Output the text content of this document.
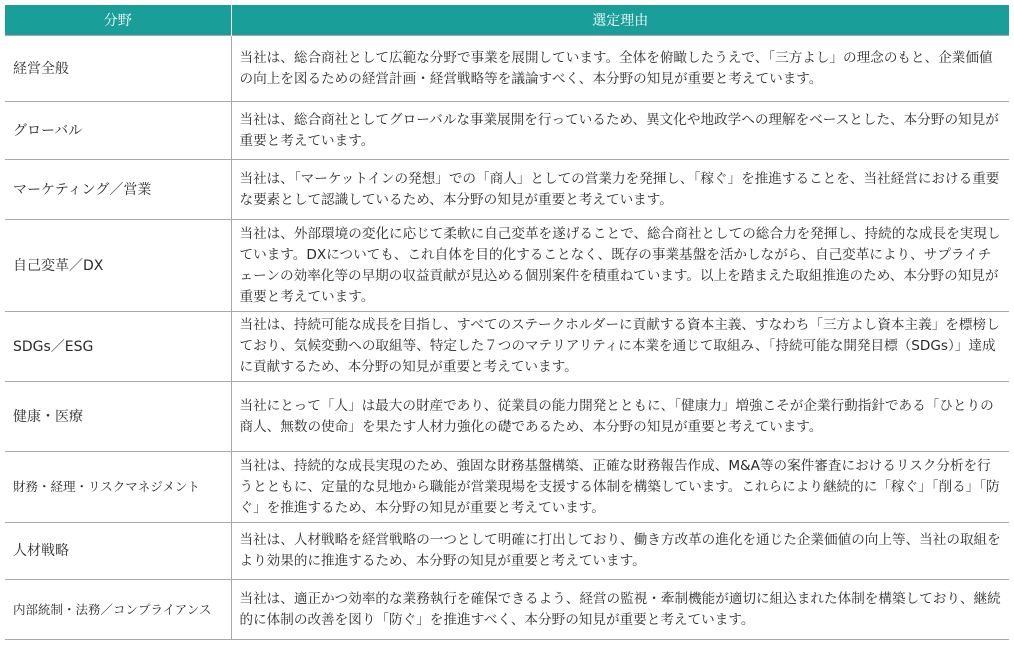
分野	選定理由
経営全般	当社は、総合商社として広範な分野で事業を展開しています。全体を俯瞰したうえで、「三方よし」の理念のもと、企業価値の向上を図るための経営計画・経営戦略等を議論すべく、本分野の知見が重要と考えています。
グローバル	当社は、総合商社としてグローバルな事業展開を行っているため、異文化や地政学への理解をベースとした、本分野の知見が重要と考えています。
マーケティング／営業	当社は、「マーケットインの発想」での「商人」としての営業力を発揮し、「稼ぐ」を推進することを、当社経営における重要な要素として認識しているため、本分野の知見が重要と考えています。
自己変革／DX	当社は、外部環境の変化に応じて柔軟に自己変革を遂げることで、総合商社としての総合力を発揮し、持続的な成長を実現しています。DXについても、これ自体を目的化することなく、既存の事業基盤を活かしながら、自己変革により、サプライチェーンの効率化等の早期の収益貢献が見込める個別案件を積重ねています。以上を踏まえた取組推進のため、本分野の知見が重要と考えています。
SDGs／ESG	当社は、持続可能な成長を目指し、すべてのステークホルダーに貢献する資本主義、すなわち「三方よし資本主義」を標榜しており、気候変動への取組等、特定した７つのマテリアリティに本業を通じて取組み、「持続可能な開発目標（SDGs）」達成に貢献するため、本分野の知見が重要と考えています。
健康・医療	当社にとって「人」は最大の財産であり、従業員の能力開発とともに、「健康力」増強こそが企業行動指針である「ひとりの商人、無数の使命」を果たす人材力強化の礎であるため、本分野の知見が重要と考えています。
財務・経理・リスクマネジメント	当社は、持続的な成長実現のため、強固な財務基盤構築、正確な財務報告作成、M&A等の案件審査におけるリスク分析を行うとともに、定量的な見地から職能が営業現場を支援する体制を構築しています。これらにより継続的に「稼ぐ」「削る」「防ぐ」を推進するため、本分野の知見が重要と考えています。
人材戦略	当社は、人材戦略を経営戦略の一つとして明確に打出しており、働き方改革の進化を通じた企業価値の向上等、当社の取組をより効果的に推進するため、本分野の知見が重要と考えています。
内部統制・法務／コンプライアンス	当社は、適正かつ効率的な業務執行を確保できるよう、経営の監視・牽制機能が適切に組込まれた体制を構築しており、継続的に体制の改善を図り「防ぐ」を推進すべく、本分野の知見が重要と考えています。
